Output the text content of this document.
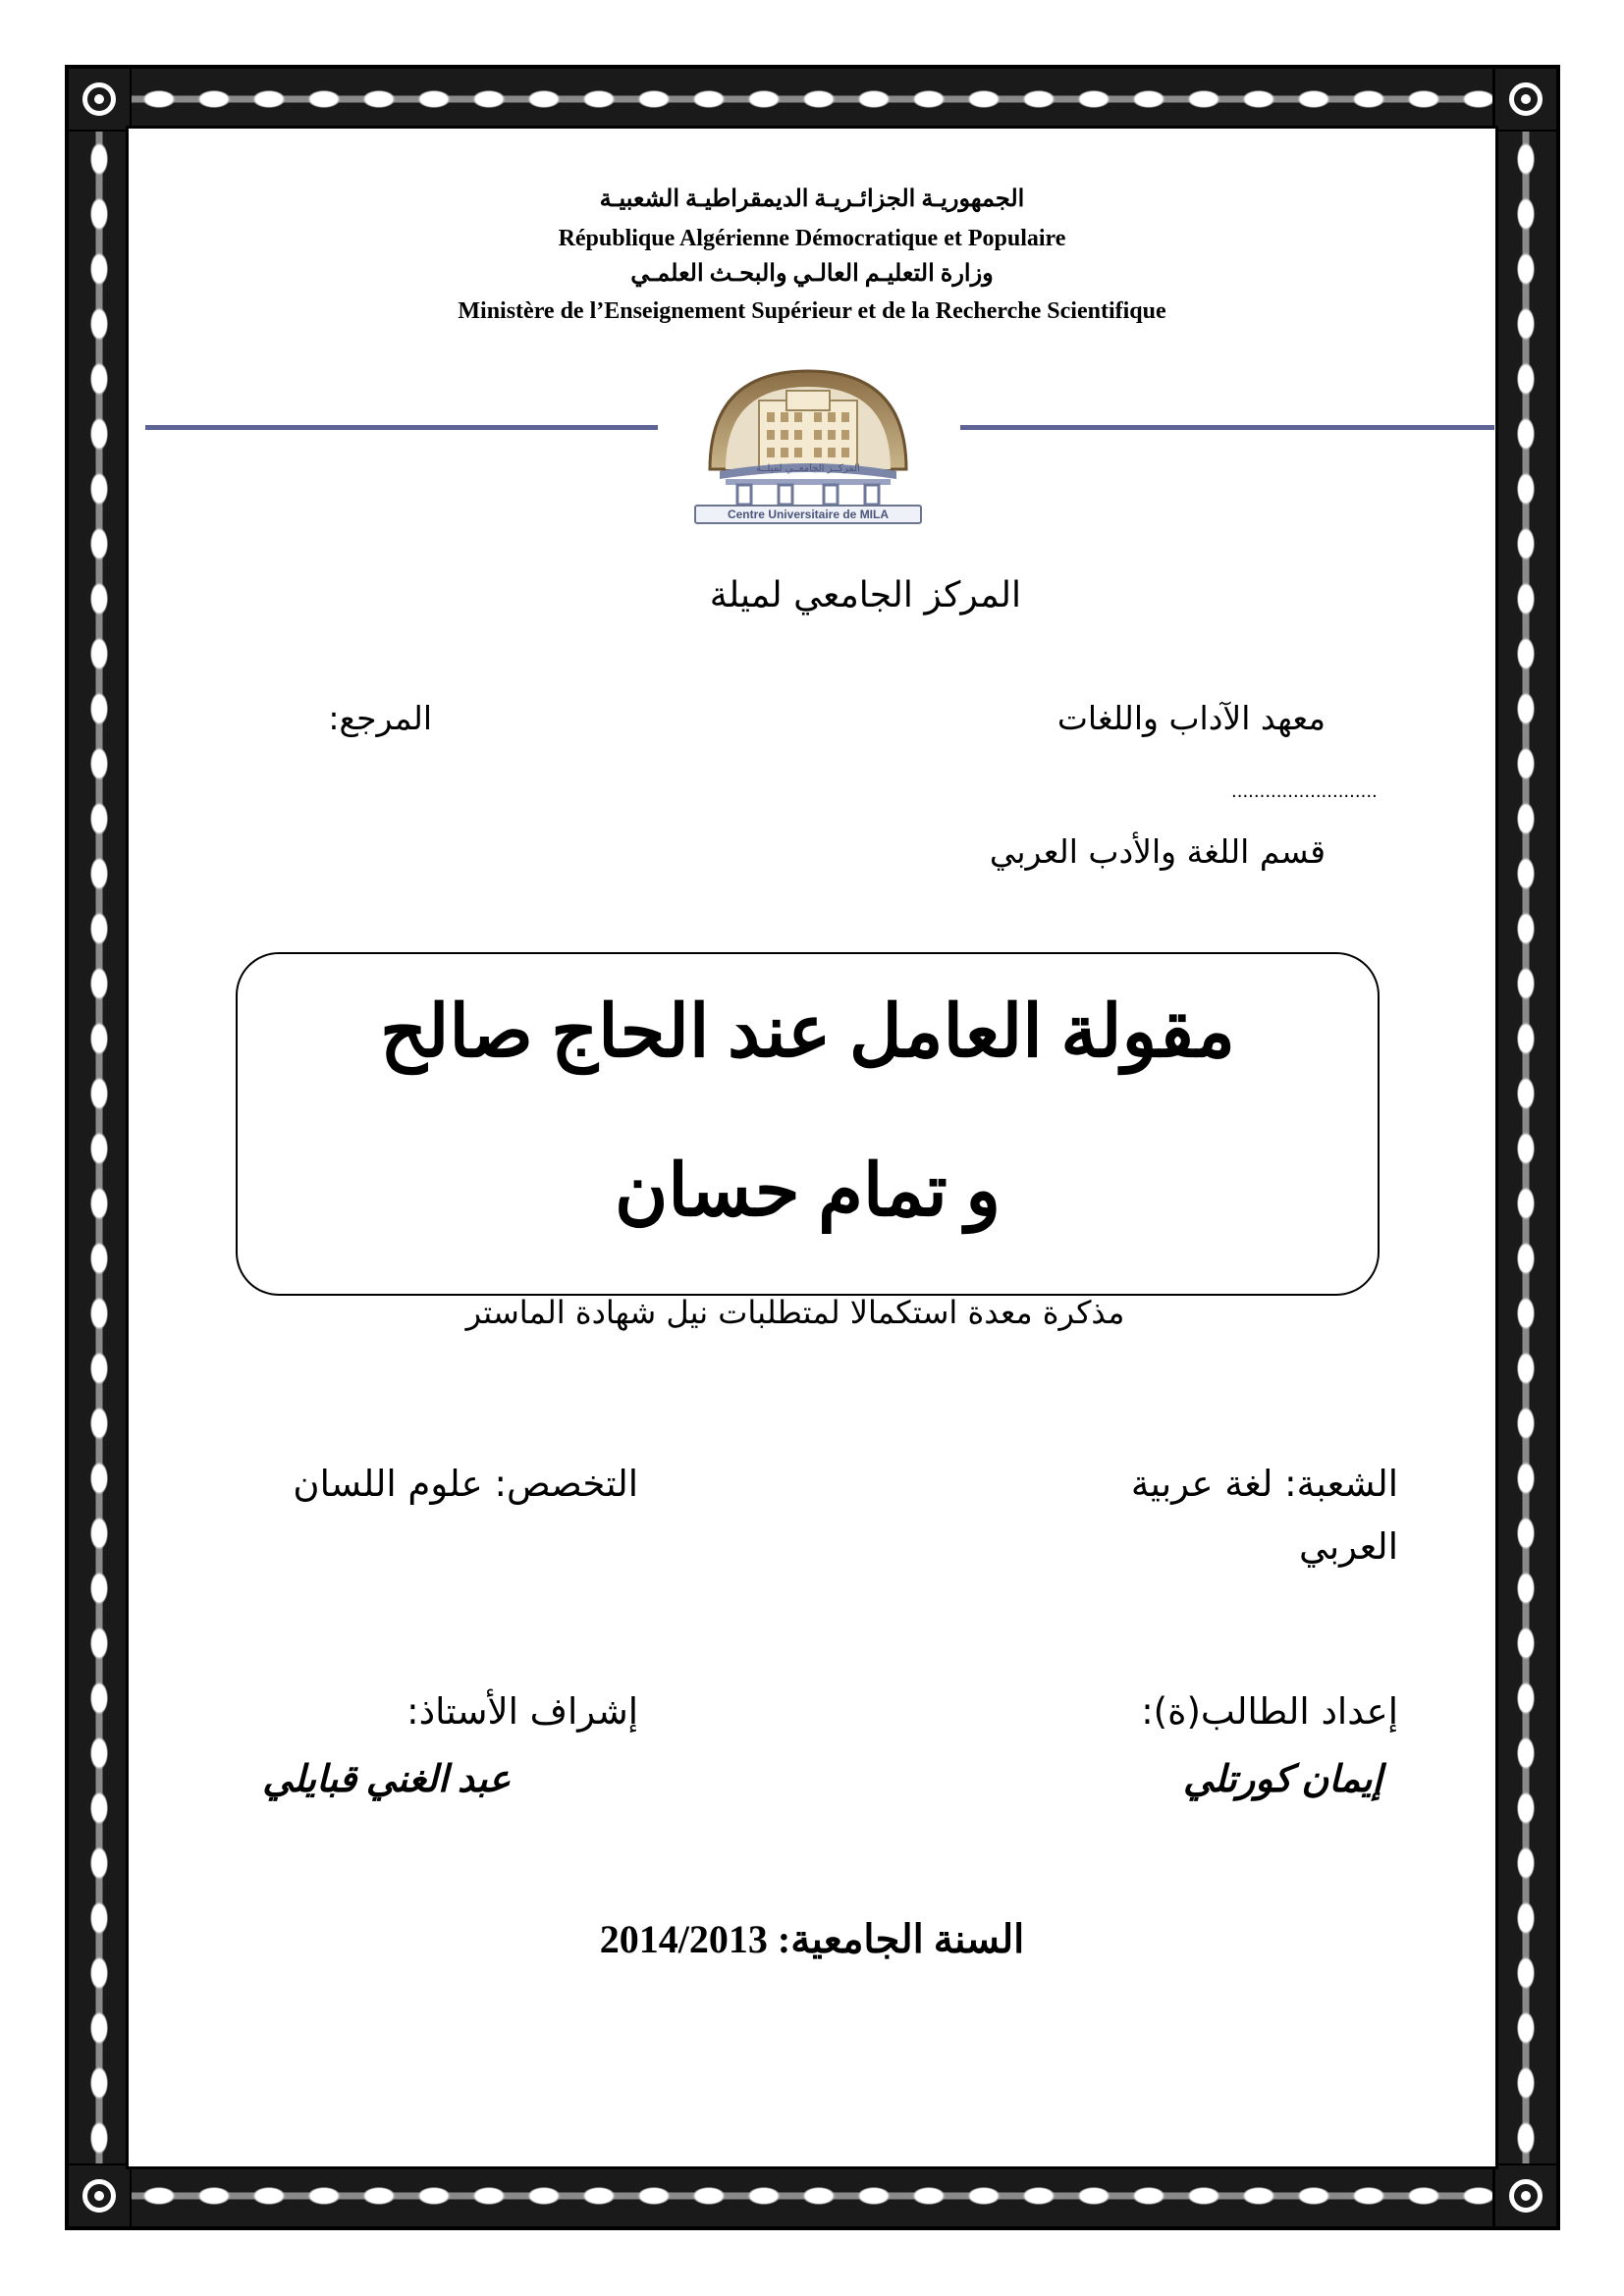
الجمهوريـة الجزائـريـة الديمقراطيـة الشعبيـة
République Algérienne Démocratique et Populaire
وزارة التعليـم العالـي والبحـث العلمـي
Ministère de l’Enseignement Supérieur et de la Recherche Scientifique
المركــز الجامعــي لميلــة
Centre Universitaire de MILA
المركز الجامعي لميلة
معهد الآداب واللغات
المرجع:
..........................
قسم اللغة والأدب العربي
مقولة العامل عند الحاج صالح
و تمام حسان
مذكرة معدة استكمالا لمتطلبات نيل شهادة الماستر
الشعبة: لغة عربية
العربي
التخصص: علوم اللسان
إعداد الطالب(ة):
إيمان كورتلي
إشراف الأستاذ:
عبد الغني قبايلي
السنة الجامعية: 2014/2013
